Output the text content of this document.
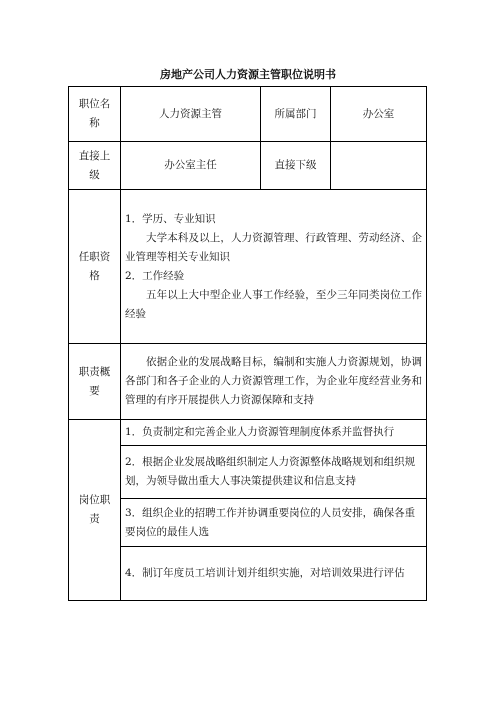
房地产公司人力资源主管职位说明书
职位名称	人力资源主管	所属部门	办公室
直接上级	办公室主任	直接下级	
任职资格	1．学历、专业知识

大学本科及以上，人力资源管理、行政管理、劳动经济、企业管理等相关专业知识

2．工作经验

五年以上大中型企业人事工作经验，至少三年同类岗位工作经验		

职责概要	依据企业的发展战略目标，编制和实施人力资源规划，协调各部门和各子企业的人力资源管理工作，为企业年度经营业务和管理的有序开展提供人力资源保障和支持		

岗位职责	1．负责制定和完善企业人力资源管理制度体系并监督执行
2．根据企业发展战略组织制定人力资源整体战略规划和组织规划，为领导做出重大人事决策提供建议和信息支持
3．组织企业的招聘工作并协调重要岗位的人员安排，确保各重要岗位的最佳人选
4．制订年度员工培训计划并组织实施，对培训效果进行评估		
